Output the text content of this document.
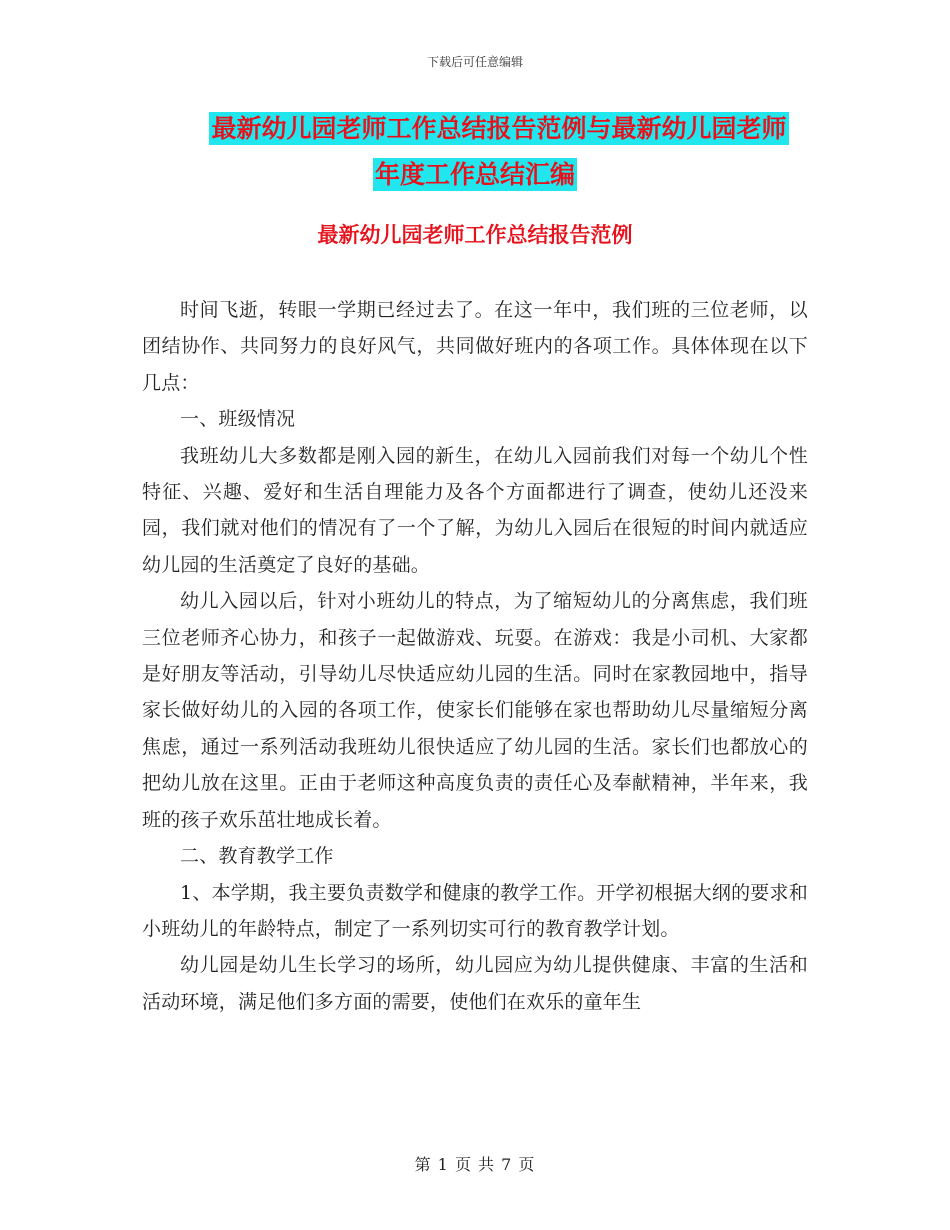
下载后可任意编辑
最新幼儿园老师工作总结报告范例与最新幼儿园老师
年度工作总结汇编
最新幼儿园老师工作总结报告范例

时间飞逝，转眼一学期已经过去了。在这一年中，我们班的三位老师，以团结协作、共同努力的良好风气，共同做好班内的各项工作。具体体现在以下几点：

一、班级情况

我班幼儿大多数都是刚入园的新生，在幼儿入园前我们对每一个幼儿个性特征、兴趣、爱好和生活自理能力及各个方面都进行了调查，使幼儿还没来园，我们就对他们的情况有了一个了解，为幼儿入园后在很短的时间内就适应幼儿园的生活奠定了良好的基础。

幼儿入园以后，针对小班幼儿的特点，为了缩短幼儿的分离焦虑，我们班三位老师齐心协力，和孩子一起做游戏、玩耍。在游戏：我是小司机、大家都是好朋友等活动，引导幼儿尽快适应幼儿园的生活。同时在家教园地中，指导家长做好幼儿的入园的各项工作，使家长们能够在家也帮助幼儿尽量缩短分离焦虑，通过一系列活动我班幼儿很快适应了幼儿园的生活。家长们也都放心的把幼儿放在这里。正由于老师这种高度负责的责任心及奉献精神，半年来，我班的孩子欢乐茁壮地成长着。

二、教育教学工作

1、本学期，我主要负责数学和健康的教学工作。开学初根据大纲的要求和小班幼儿的年龄特点，制定了一系列切实可行的教育教学计划。

幼儿园是幼儿生长学习的场所，幼儿园应为幼儿提供健康、丰富的生活和活动环境，满足他们多方面的需要，使他们在欢乐的童年生

第 1 页 共 7 页
